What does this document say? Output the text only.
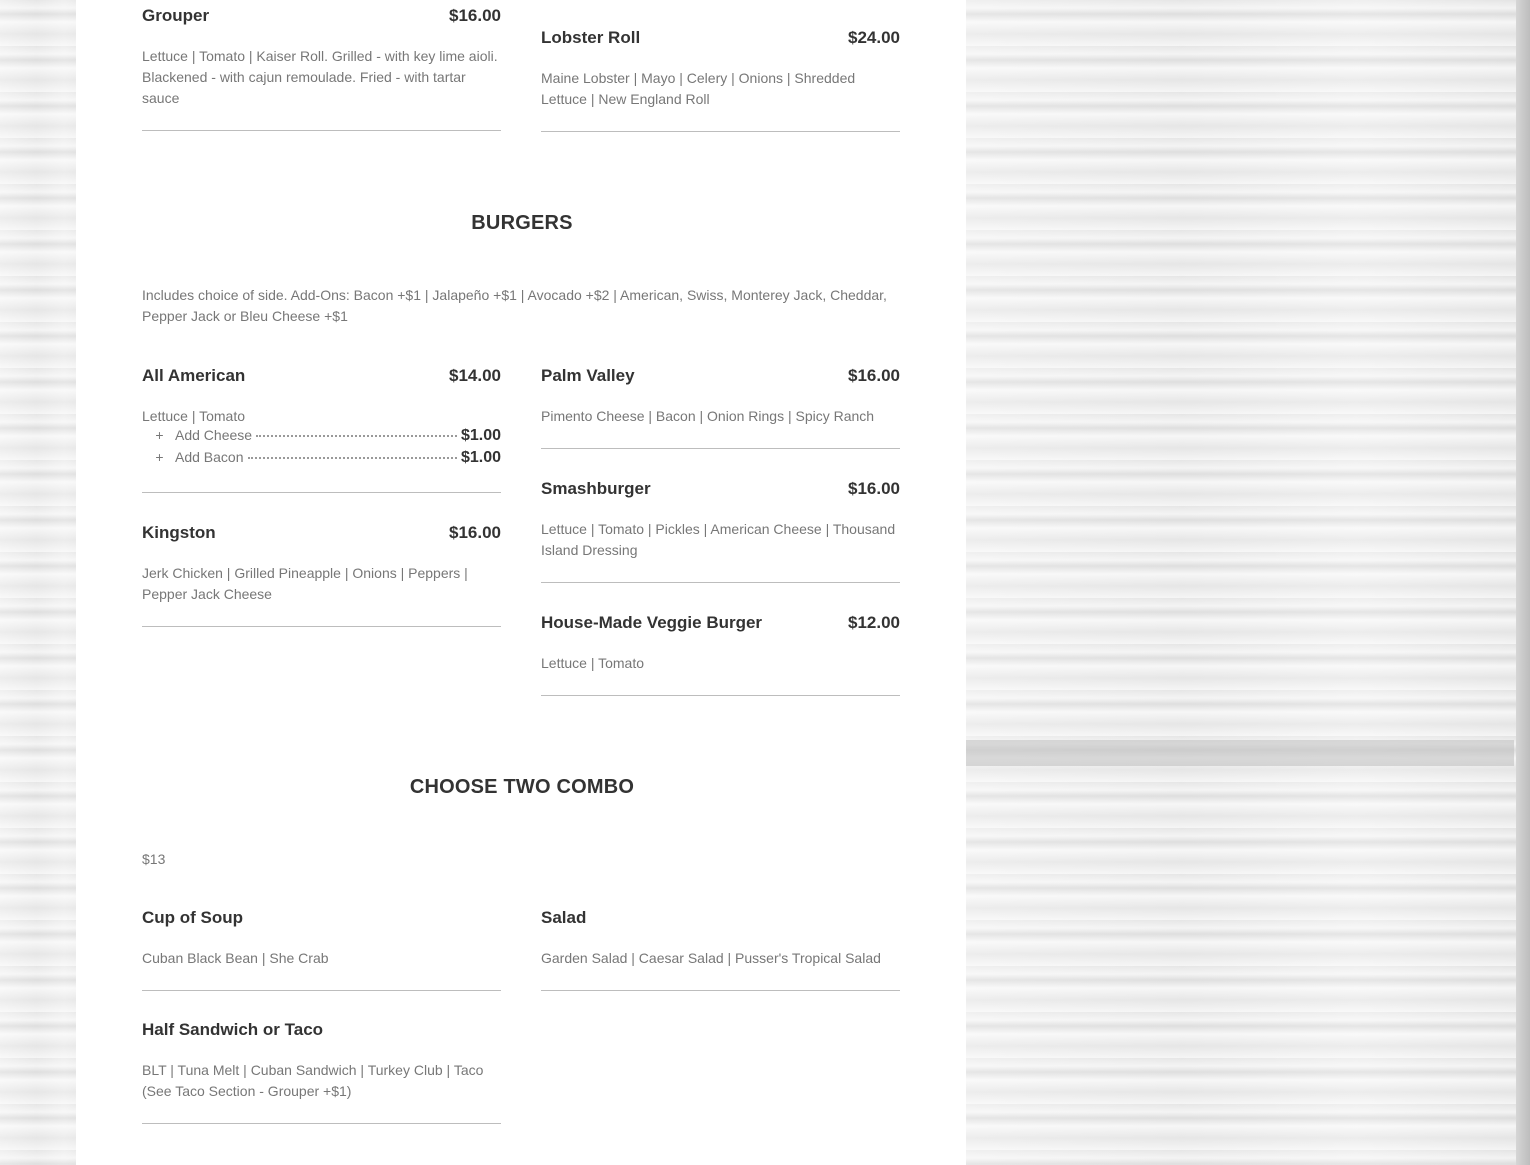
Grouper	$16.00
Lettuce | Tomato | Kaiser Roll. Grilled - with key lime aioli. Blackened - with cajun remoulade. Fried - with tartar sauce
Lobster Roll	$24.00
Maine Lobster | Mayo | Celery | Onions | Shredded Lettuce | New England Roll
BURGERS
Includes choice of side. Add-Ons: Bacon +$1 | Jalapeño +$1 | Avocado +$2 | American, Swiss, Monterey Jack, Cheddar, Pepper Jack or Bleu Cheese +$1
All American	$14.00
Lettuce | Tomato
+ Add Cheese	$1.00
+ Add Bacon	$1.00
Palm Valley	$16.00
Pimento Cheese | Bacon | Onion Rings | Spicy Ranch
Smashburger	$16.00
Lettuce | Tomato | Pickles | American Cheese | Thousand Island Dressing
Kingston	$16.00
Jerk Chicken | Grilled Pineapple | Onions | Peppers | Pepper Jack Cheese
House-Made Veggie Burger	$12.00
Lettuce | Tomato
CHOOSE TWO COMBO
$13
Cup of Soup
Cuban Black Bean | She Crab
Salad
Garden Salad | Caesar Salad | Pusser's Tropical Salad
Half Sandwich or Taco
BLT | Tuna Melt | Cuban Sandwich | Turkey Club | Taco (See Taco Section - Grouper +$1)
